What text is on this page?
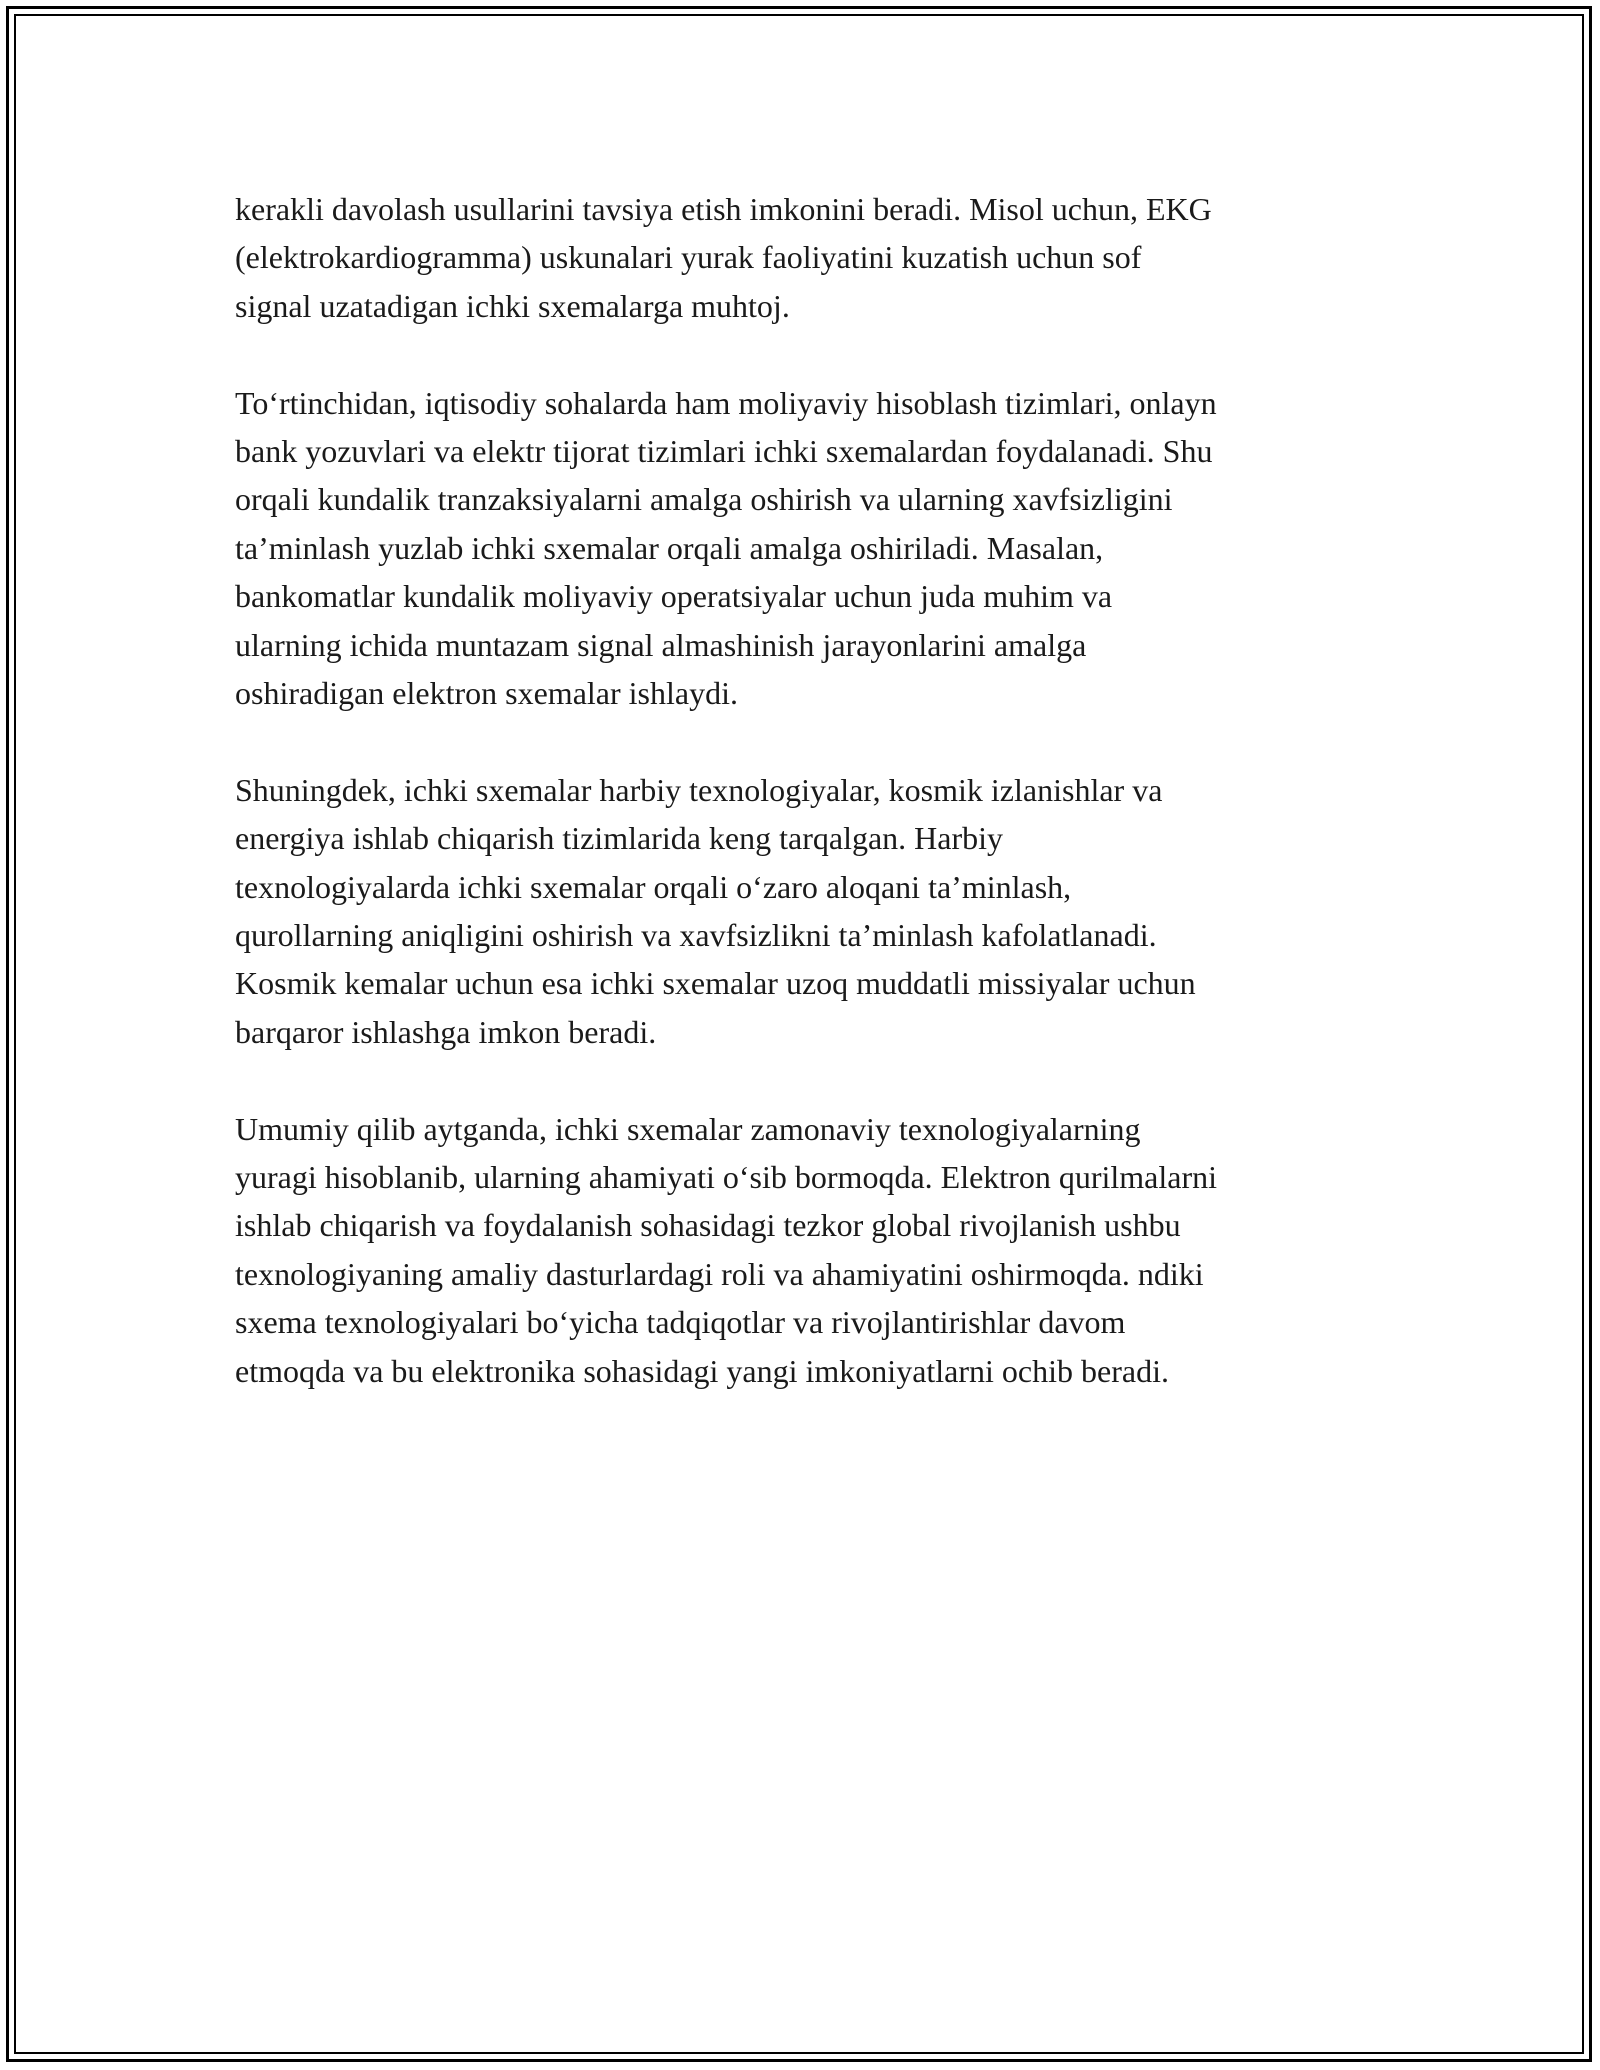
kerakli davolash usullarini tavsiya etish imkonini beradi. Misol uchun, EKG
(elektrokardiogramma) uskunalari yurak faoliyatini kuzatish uchun sof
signal uzatadigan ichki sxemalarga muhtoj.

To‘rtinchidan, iqtisodiy sohalarda ham moliyaviy hisoblash tizimlari, onlayn
bank yozuvlari va elektr tijorat tizimlari ichki sxemalardan foydalanadi. Shu
orqali kundalik tranzaksiyalarni amalga oshirish va ularning xavfsizligini
ta’minlash yuzlab ichki sxemalar orqali amalga oshiriladi. Masalan,
bankomatlar kundalik moliyaviy operatsiyalar uchun juda muhim va
ularning ichida muntazam signal almashinish jarayonlarini amalga
oshiradigan elektron sxemalar ishlaydi.

Shuningdek, ichki sxemalar harbiy texnologiyalar, kosmik izlanishlar va
energiya ishlab chiqarish tizimlarida keng tarqalgan. Harbiy
texnologiyalarda ichki sxemalar orqali o‘zaro aloqani ta’minlash,
qurollarning aniqligini oshirish va xavfsizlikni ta’minlash kafolatlanadi.
Kosmik kemalar uchun esa ichki sxemalar uzoq muddatli missiyalar uchun
barqaror ishlashga imkon beradi.

Umumiy qilib aytganda, ichki sxemalar zamonaviy texnologiyalarning
yuragi hisoblanib, ularning ahamiyati o‘sib bormoqda. Elektron qurilmalarni
ishlab chiqarish va foydalanish sohasidagi tezkor global rivojlanish ushbu
texnologiyaning amaliy dasturlardagi roli va ahamiyatini oshirmoqda. ndiki
sxema texnologiyalari bo‘yicha tadqiqotlar va rivojlantirishlar davom
etmoqda va bu elektronika sohasidagi yangi imkoniyatlarni ochib beradi.
